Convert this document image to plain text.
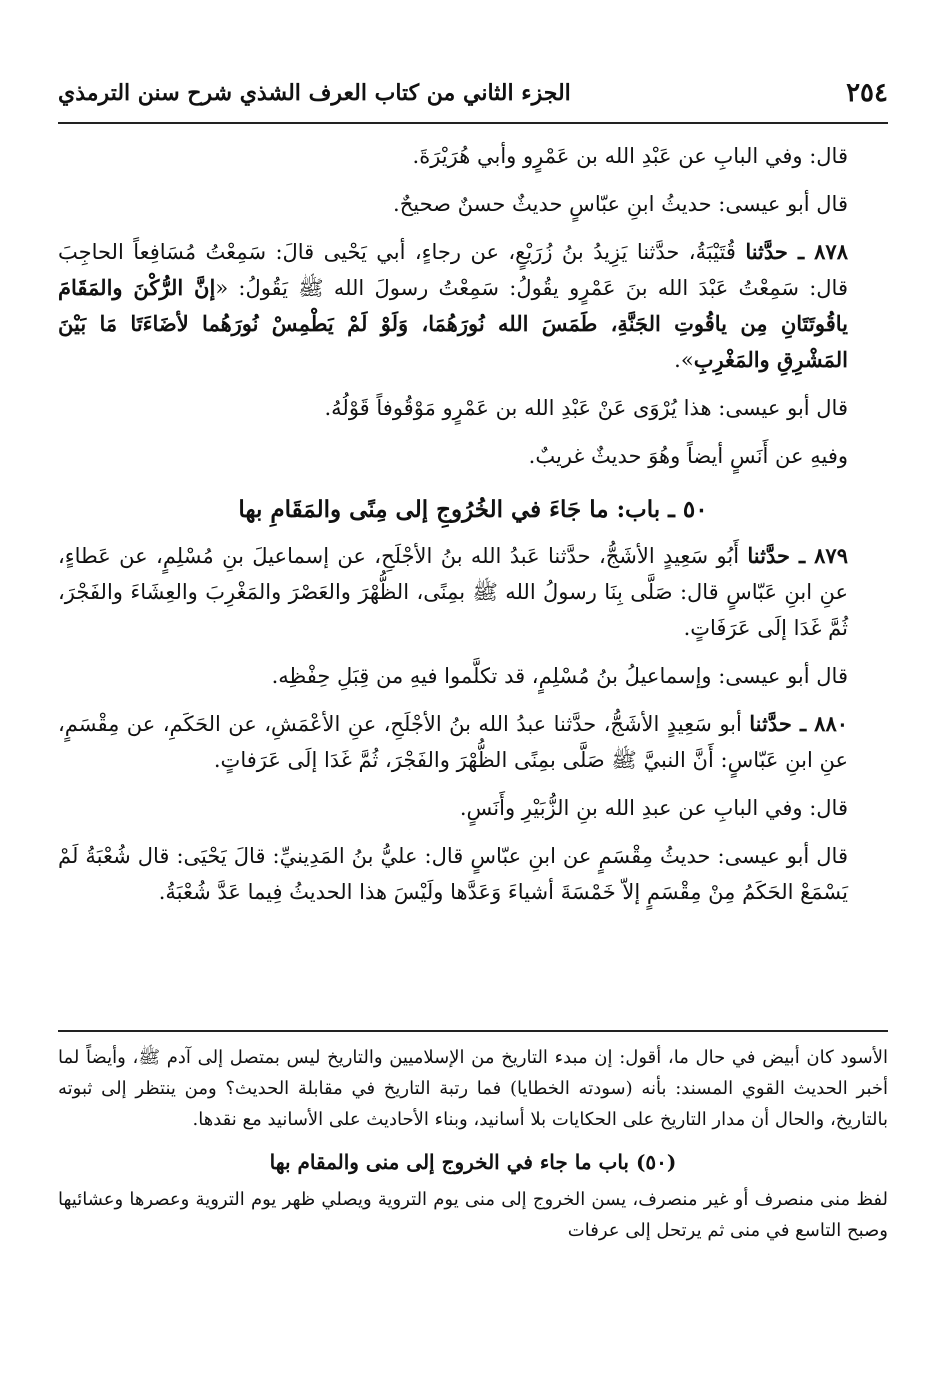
٢٥٤
الجزء الثاني من كتاب العرف الشذي شرح سنن الترمذي

قال: وفي البابِ عن عَبْدِ الله بن عَمْرٍو وأبي هُرَيْرَةَ.

قال أبو عيسى: حديثُ ابنِ عبّاسٍ حديثٌ حسنٌ صحيحٌ.

٨٧٨ ـ حدَّثنا قُتَيْبَةُ، حدَّثنا يَزِيدُ بنُ زُرَيْعٍ، عن رجاءٍ، أبي يَحْيى قالَ: سَمِعْتُ مُسَافِعاً الحاجِبَ قال: سَمِعْتُ عَبْدَ الله بنَ عَمْرٍو يقُولُ: سَمِعْتُ رسولَ الله ﷺ يَقُولُ: «إنَّ الرُّكْنَ والمَقَامَ ياقُوتَتَانِ مِن ياقُوتِ الجَنَّةِ، طَمَسَ الله نُورَهُمَا، وَلَوْ لَمْ يَطْمِسْ نُورَهُما لأضَاءَتَا مَا بَيْنَ المَشْرِقِ والمَغْرِبِ».

قال أبو عيسى: هذا يُرْوَى عَنْ عَبْدِ الله بن عَمْرٍو مَوْقُوفاً قَوْلُهُ.

وفيهِ عن أَنَسٍ أيضاً وهُوَ حديثٌ غريبٌ.

٥٠ ـ باب: ما جَاءَ في الخُرُوجِ إلى مِنًى والمَقَامِ بها

٨٧٩ ـ حدَّثنا أَبُو سَعِيدٍ الأشَجُّ، حدَّثنا عَبدُ الله بنُ الأجْلَحِ، عن إسماعيلَ بنِ مُسْلِمٍ، عن عَطاءٍ، عنِ ابنِ عَبّاسٍ قال: صَلَّى بِنَا رسولُ الله ﷺ بمِنًى، الظُّهْرَ والعَصْرَ والمَغْرِبَ والعِشَاءَ والفَجْرَ، ثُمَّ غَدَا إلَى عَرَفَاتٍ.

قال أبو عيسى: وإسماعيلُ بنُ مُسْلِمٍ، قد تكلَّموا فيهِ من قِبَلِ حِفْظِه.

٨٨٠ ـ حدَّثنا أبو سَعِيدٍ الأشَجُّ، حدَّثنا عبدُ الله بنُ الأجْلَحِ، عنِ الأعْمَشِ، عن الحَكَمِ، عن مِقْسَمٍ، عنِ ابنِ عَبّاسٍ: أَنَّ النبيَّ ﷺ صَلَّى بمِنًى الظُّهْرَ والفَجْرَ، ثُمَّ غَدَا إلَى عَرَفاتٍ.

قال: وفي البابِ عن عبدِ الله بنِ الزُّبَيْرِ وأَنَسٍ.

قال أبو عيسى: حديثُ مِقْسَمٍ عن ابنِ عبّاسٍ قال: عليُّ بنُ المَدِينيِّ: قالَ يَحْيَى: قال شُعْبَةُ لَمْ يَسْمَعْ الحَكَمُ مِنْ مِقْسَمٍ إلاّ خَمْسَةَ أشياءَ وَعَدَّها ولَيْسَ هذا الحديثُ فِيما عَدَّ شُعْبَةُ.

الأسود كان أبيض في حال ما، أقول: إن مبدء التاريخ من الإسلاميين والتاريخ ليس بمتصل إلى آدم ﷺ، وأيضاً لما أخبر الحديث القوي المسند: بأنه (سودته الخطايا) فما رتبة التاريخ في مقابلة الحديث؟ ومن ينتظر إلى ثبوته بالتاريخ، والحال أن مدار التاريخ على الحكايات بلا أسانيد، وبناء الأحاديث على الأسانيد مع نقدها.

(٥٠) باب ما جاء في الخروج إلى منى والمقام بها

لفظ منى منصرف أو غير منصرف، يسن الخروج إلى منى يوم التروية ويصلي ظهر يوم التروية وعصرها وعشائيها وصبح التاسع في منى ثم يرتحل إلى عرفات
